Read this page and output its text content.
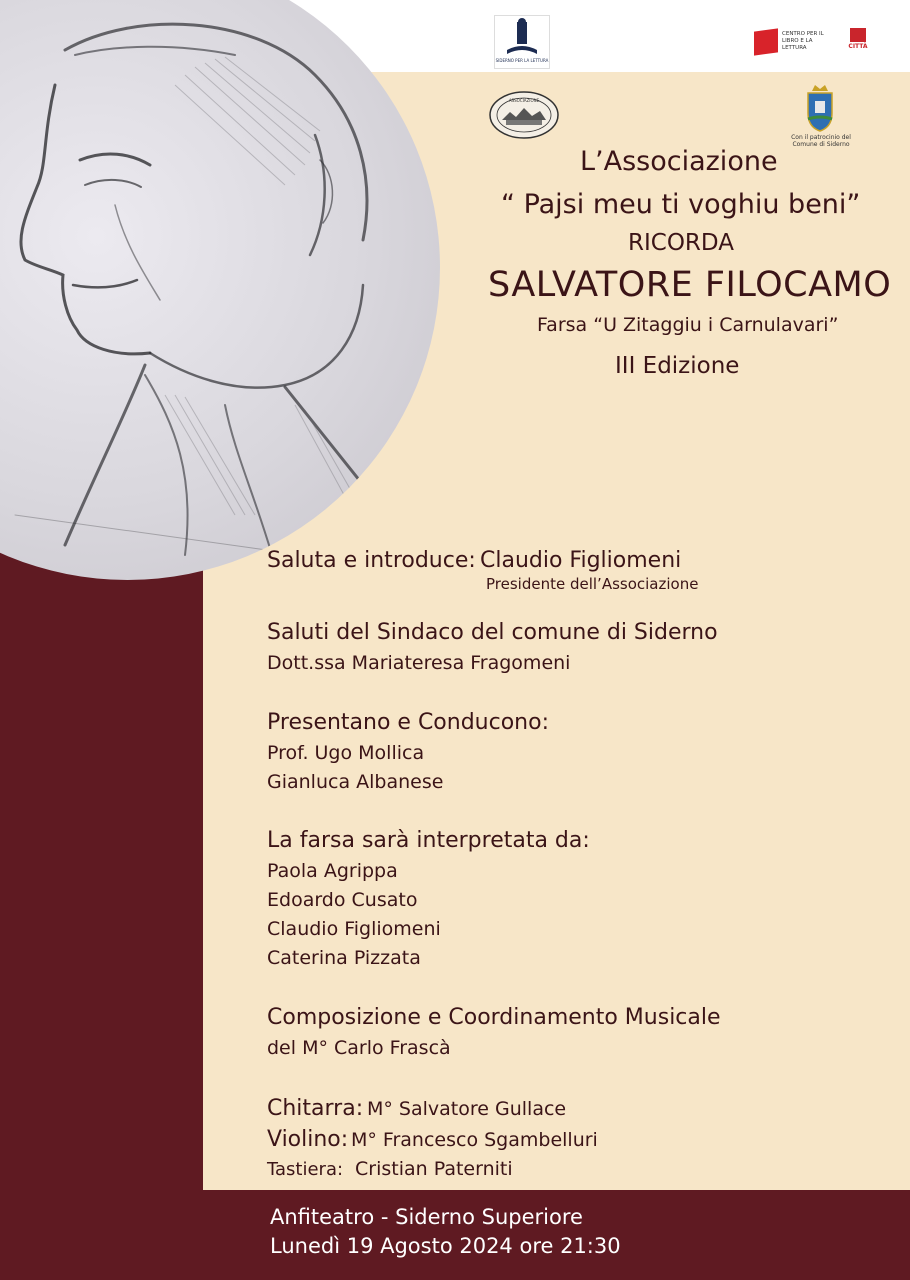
SIDERNO PER LA LETTURA
CENTRO PER IL LIBRO E LA LETTURA	CITTÀ
ASSOCIAZIONE
Con il patrocinio del Comune di Siderno
L’Associazione
“ Pajsi meu ti voghiu beni”
RICORDA
SALVATORE FILOCAMO
Farsa “U Zitaggiu i Carnulavari”
III Edizione
Saluta e introduce: Claudio Figliomeni
Presidente dell’Associazione
Saluti del Sindaco del comune di Siderno
Dott.ssa Mariateresa Fragomeni
Presentano e Conducono:
Prof. Ugo Mollica
Gianluca Albanese
La farsa sarà interpretata da:
Paola Agrippa
Edoardo Cusato
Claudio Figliomeni
Caterina Pizzata
Composizione e Coordinamento Musicale
del M° Carlo Frascà
Chitarra: M° Salvatore Gullace
Violino: M° Francesco Sgambelluri
Tastiera: Cristian Paterniti
Anfiteatro - Siderno Superiore
Lunedì 19 Agosto 2024 ore 21:30
